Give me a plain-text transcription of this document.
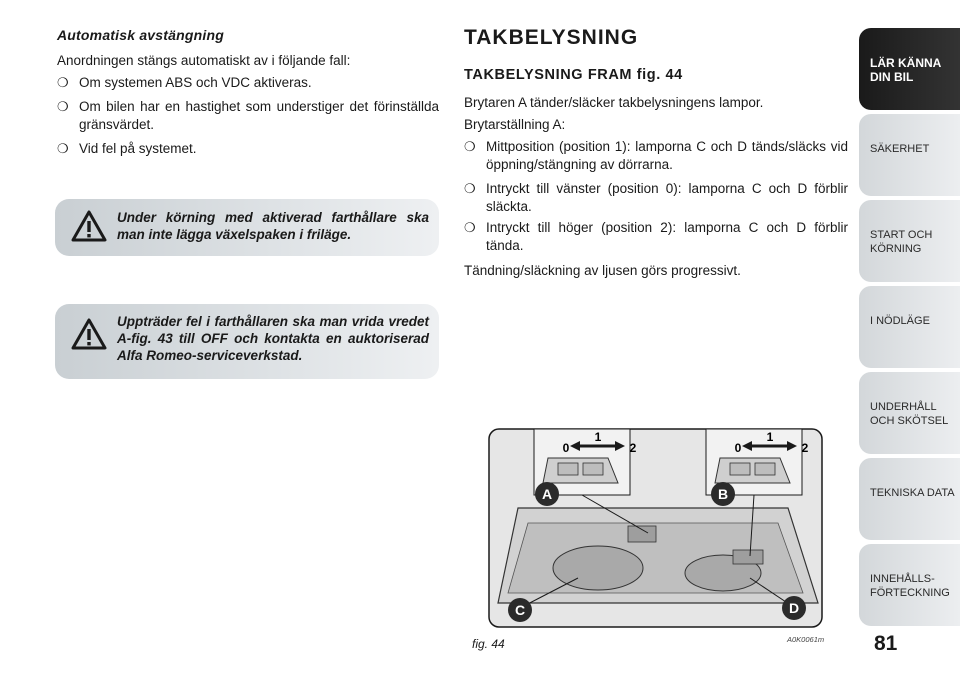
Automatisk avstängning
Anordningen stängs automatiskt av i följande fall:
❍ Om systemen ABS och VDC aktiveras.
❍ Om bilen har en hastighet som understiger det förinställda gränsvärdet.
❍ Vid fel på systemet.
Under körning med aktiverad farthållare ska man inte lägga växelspaken i friläge.
Uppträder fel i farthållaren ska man vrida vredet A-fig. 43 till OFF och kontakta en auktoriserad Alfa Romeo-serviceverkstad.
TAKBELYSNING
TAKBELYSNING FRAM fig. 44
Brytaren A tänder/släcker takbelysningens lampor.
Brytarställning A:
❍ Mittposition (position 1): lamporna C och D tänds/släcks vid öppning/stängning av dörrarna.
❍ Intryckt till vänster (position 0): lamporna C och D förblir släckta.
❍ Intryckt till höger (position 2): lamporna C och D förblir tända.
Tändning/släckning av ljusen görs progressivt.
A	B
C	D
0
1
2	0
1
2
fig. 44	A0K0061m
LÄR KÄNNA
DIN BIL
SÄKERHET
START OCH
KÖRNING
I NÖDLÄGE
UNDERHÅLL
OCH SKÖTSEL
TEKNISKA DATA
INNEHÅLLS-
FÖRTECKNING
81
